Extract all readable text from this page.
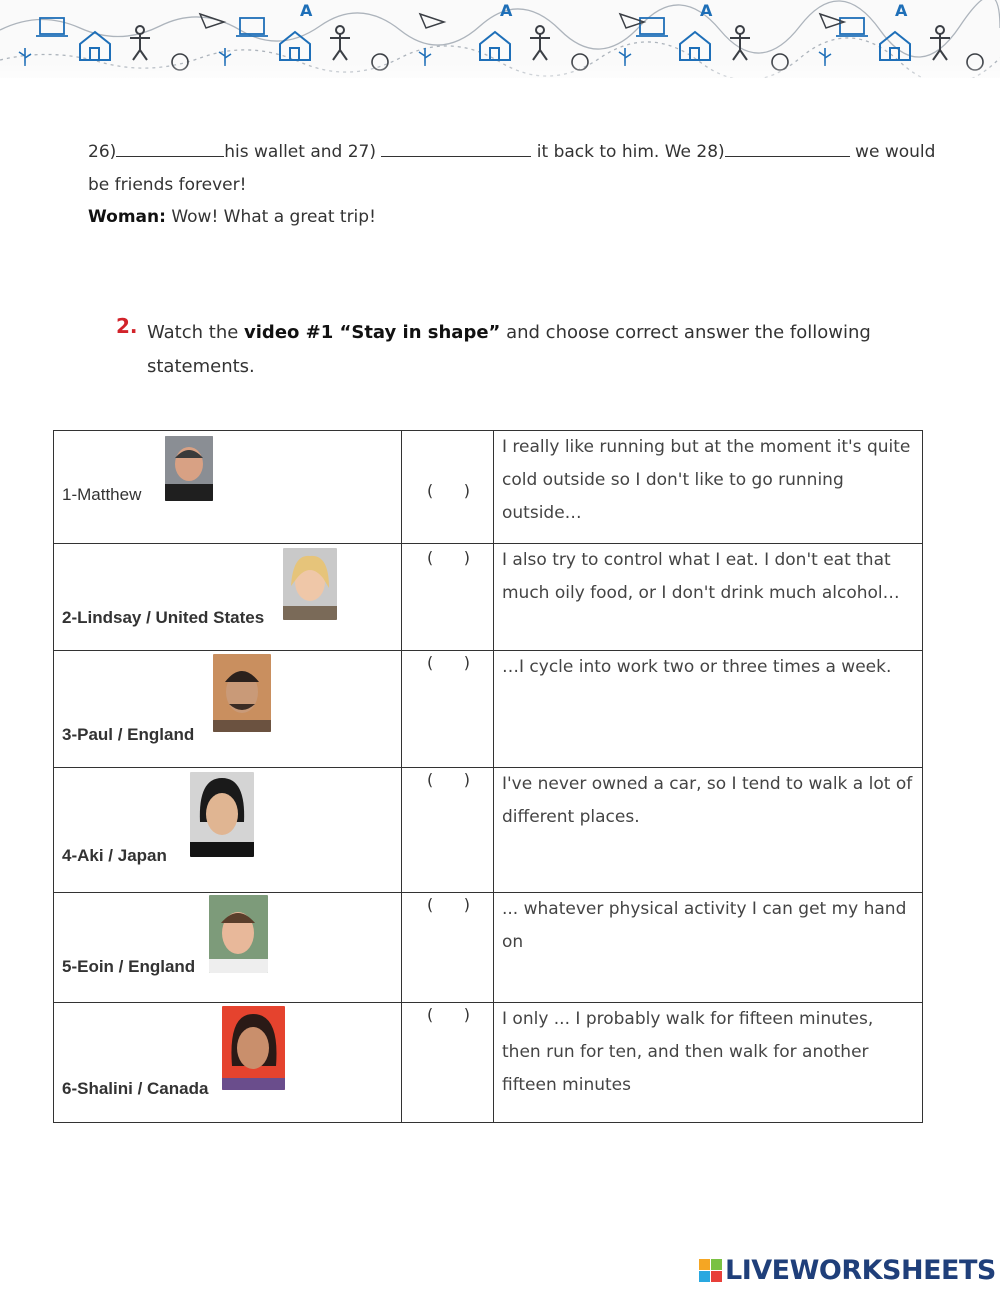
A	A	A	A
26)	his wallet and 27)	it back to him. We 28)	we would
be friends forever!
Woman: Wow! What a great trip!
2. Watch the video #1 “Stay in shape” and choose correct answer the following statements.
1-Matthew	(      )	I really like running but at the moment it's quite cold outside so I don't like to go running outside…

2-Lindsay / United States	(      )	I also try to control what I eat. I don't eat that much oily food, or I don't drink much alcohol…

3-Paul / England	(      )	…I cycle into work two or three times a week.

4-Aki / Japan	(      )	I've never owned a car, so I tend to walk a lot of different places.

5-Eoin / England	(      )	... whatever physical activity I can get my hand on

6-Shalini / Canada	(      )	I only ... I probably walk for fifteen minutes, then run for ten, and then walk for another fifteen minutes
LIVEWORKSHEETS
